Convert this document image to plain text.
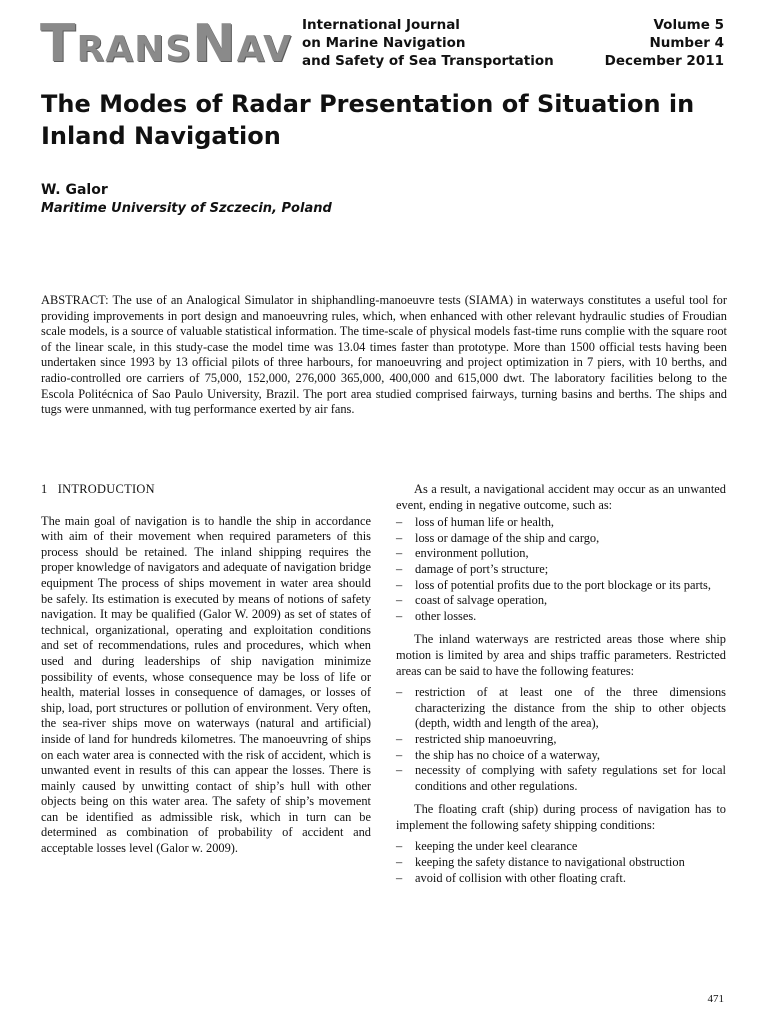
TRANSNAV
International Journal
on Marine Navigation
and Safety of Sea Transportation
Volume 5
Number 4
December 2011
The Modes of Radar Presentation of Situation in Inland Navigation
W. Galor
Maritime University of Szczecin, Poland

ABSTRACT: The use of an Analogical Simulator in shiphandling-manoeuvre tests (SIAMA) in waterways constitutes a useful tool for providing improvements in port design and manoeuvring rules, which, when enhanced with other relevant hydraulic studies of Froudian scale models, is a source of valuable statistical information. The time-scale of physical models fast-time runs complie with the square root of the linear scale, in this study-case the model time was 13.04 times faster than prototype. More than 1500 official tests having been undertaken since 1993 by 13 official pilots of three harbours, for manoeuvring and project optimization in 7 piers, with 10 berths, and radio-controlled ore carriers of 75,000, 152,000, 276,000 365,000, 400,000 and 615,000 dwt. The laboratory facilities belong to the Escola Politécnica of Sao Paulo University, Brazil. The port area studied comprised fairways, turning basins and berths. The ships and tugs were unmanned, with tug performance exerted by air fans.

1   INTRODUCTION

The main goal of navigation is to handle the ship in accordance with aim of their movement when required parameters of this process should be retained. The inland shipping requires the proper knowledge of navigators and adequate of navigation bridge equipment The process of ships movement in water area should be safely. Its estimation is executed by means of notions of safety navigation. It may be qualified (Galor W. 2009) as set of states of technical, organizational, operating and exploitation conditions and set of recommendations, rules and procedures, which when used and during leaderships of ship navigation minimize possibility of events, whose consequence may be loss of life or health, material losses in consequence of damages, or losses of ship, load, port structures or pollution of environment. Very often, the sea-river ships move on waterways (natural and artificial) inside of land for hundreds kilometres. The manoeuvring of ships on each water area is connected with the risk of accident, which is unwanted event in results of this can appear the losses. There is mainly caused by unwitting contact of ship’s hull with other objects being on this water area. The safety of ship’s movement can be identified as admissible risk, which in turn can be determined as combination of probability of accident and acceptable losses level (Galor w. 2009).

As a result, a navigational accident may occur as an unwanted event, ending in negative outcome, such as:

– loss of human life or health,
– loss or damage of the ship and cargo,
– environment pollution,
– damage of port’s structure;
– loss of potential profits due to the port blockage or its parts,
– coast of salvage operation,
– other losses.

The inland waterways are restricted areas those where ship motion is limited by area and ships traffic parameters. Restricted areas can be said to have the following features:

– restriction of at least one of the three dimensions characterizing the distance from the ship to other objects (depth, width and length of the area),
– restricted ship manoeuvring,
– the ship has no choice of a waterway,
– necessity of complying with safety regulations set for local conditions and other regulations.

The floating craft (ship) during process of navigation has to implement the following safety shipping conditions:

– keeping the under keel clearance
– keeping the safety distance to navigational obstruction
– avoid of collision with other floating craft.
471
